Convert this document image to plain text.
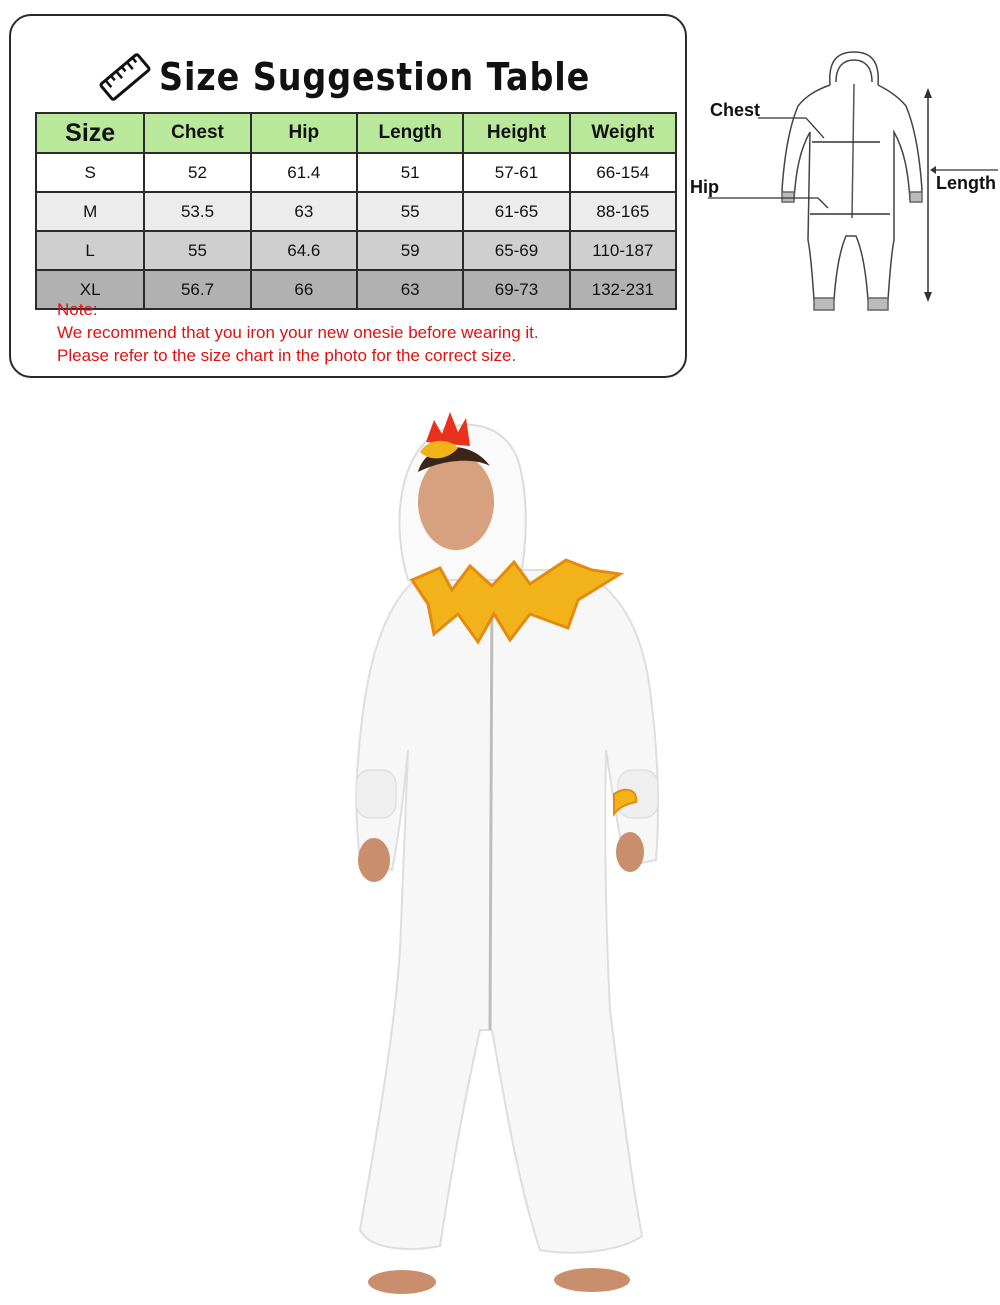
Size Suggestion Table
Size	Chest	Hip	Length	Height	Weight
S	52	61.4	51	57-61	66-154
M	53.5	63	55	61-65	88-165
L	55	64.6	59	65-69	110-187
XL	56.7	66	63	69-73	132-231
Note:
We recommend that you iron your new onesie before wearing it.
Please refer to the size chart in the photo for the correct size.
Chest
Hip	Length
